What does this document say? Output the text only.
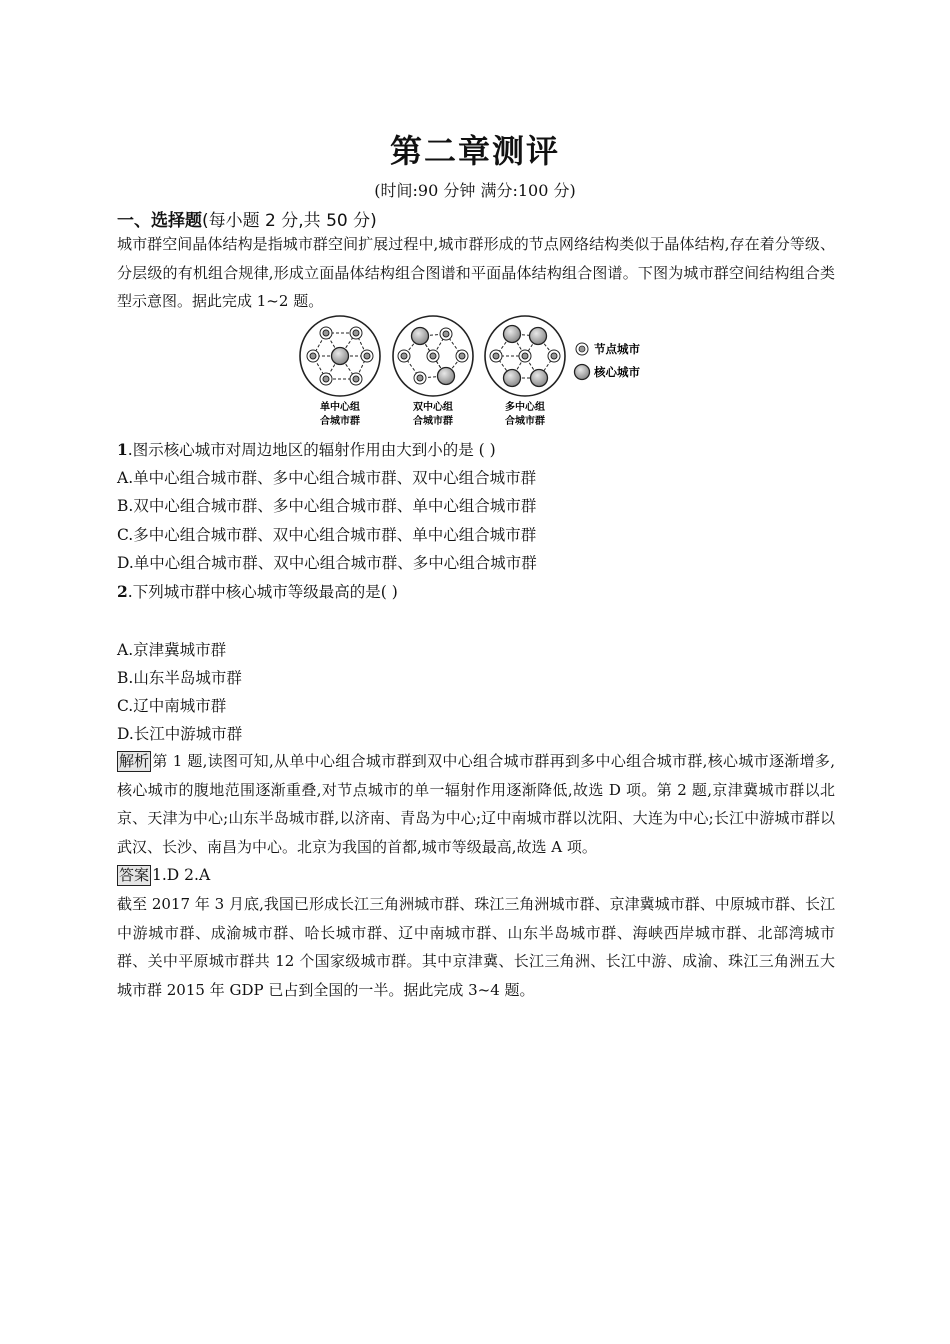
第二章测评
(时间:90 分钟 满分:100 分)
一、选择题(每小题 2 分,共 50 分)
城市群空间晶体结构是指城市群空间扩展过程中,城市群形成的节点网络结构类似于晶体结构,存在着分等级、分层级的有机组合规律,形成立面晶体结构组合图谱和平面晶体结构组合图谱。下图为城市群空间结构组合类型示意图。据此完成 1~2 题。
单中心组
合城市群
双中心组
合城市群
多中心组
合城市群
节点城市
核心城市
1.图示核心城市对周边地区的辐射作用由大到小的是 ( )
A.单中心组合城市群、多中心组合城市群、双中心组合城市群
B.双中心组合城市群、多中心组合城市群、单中心组合城市群
C.多中心组合城市群、双中心组合城市群、单中心组合城市群
D.单中心组合城市群、双中心组合城市群、多中心组合城市群
2.下列城市群中核心城市等级最高的是( )
A.京津冀城市群
B.山东半岛城市群
C.辽中南城市群
D.长江中游城市群
解析 第 1 题,读图可知,从单中心组合城市群到双中心组合城市群再到多中心组合城市群,核心城市逐渐增多,核心城市的腹地范围逐渐重叠,对节点城市的单一辐射作用逐渐降低,故选 D 项。第 2 题,京津冀城市群以北京、天津为中心;山东半岛城市群,以济南、青岛为中心;辽中南城市群以沈阳、大连为中心;长江中游城市群以武汉、长沙、南昌为中心。北京为我国的首都,城市等级最高,故选 A 项。
答案 1.D 2.A
截至 2017 年 3 月底,我国已形成长江三角洲城市群、珠江三角洲城市群、京津冀城市群、中原城市群、长江中游城市群、成渝城市群、哈长城市群、辽中南城市群、山东半岛城市群、海峡西岸城市群、北部湾城市群、关中平原城市群共 12 个国家级城市群。其中京津冀、长江三角洲、长江中游、成渝、珠江三角洲五大城市群 2015 年 GDP 已占到全国的一半。据此完成 3~4 题。
